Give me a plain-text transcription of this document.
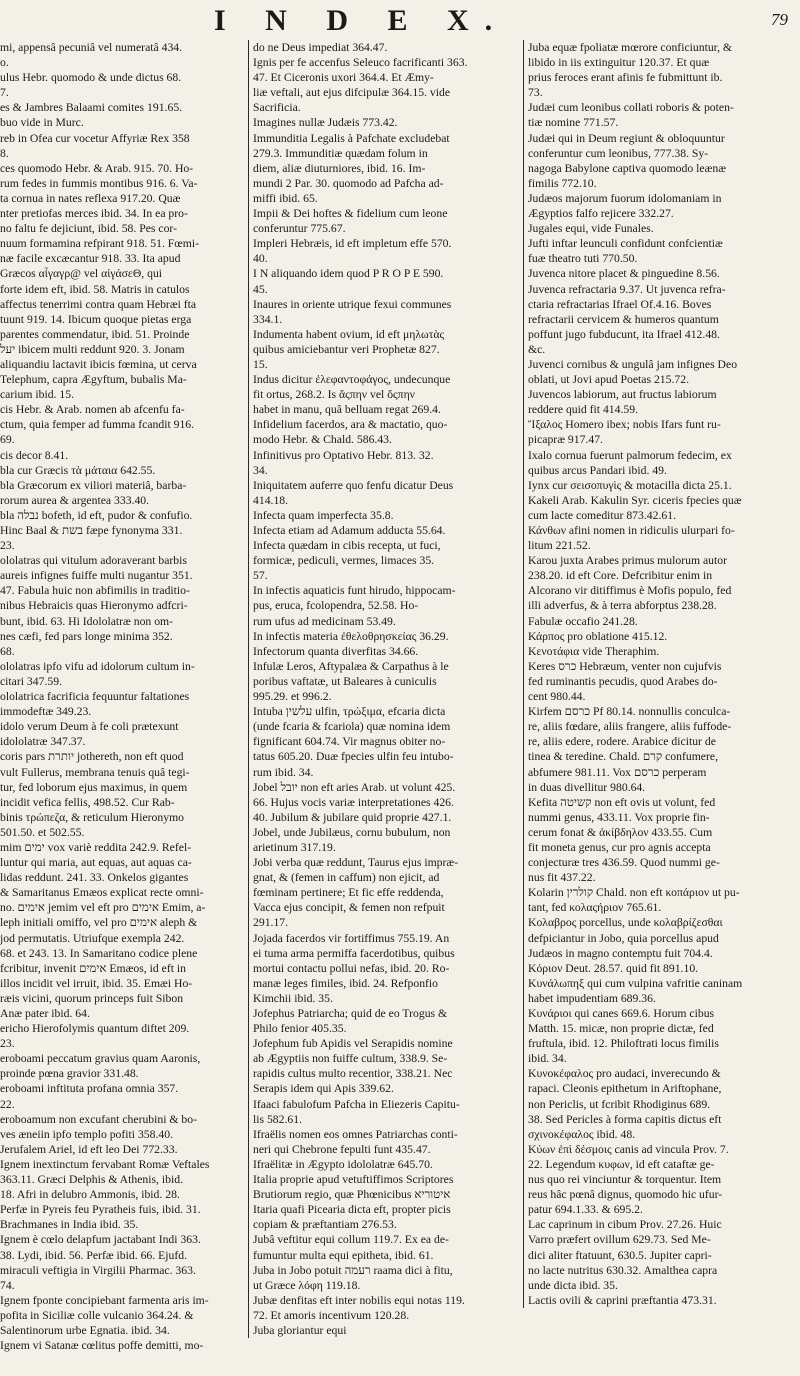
I N D E X.	79
mi, appensâ pecuniâ vel numeratâ 434.
o.
ulus Hebr. quomodo & unde dictus 68.
7.
es & Jambres Balaami comites 191.65.
buo vide in Murc.
reb in Ofea cur vocetur Affyriæ Rex 358
8.
ces quomodo Hebr. & Arab. 915. 70. Ho-
rum fedes in fummis montibus 916. 6. Va-
ta cornua in nates reflexa 917.20. Quæ
nter pretiofas merces ibid. 34. In ea pro-
no faltu fe dejiciunt, ibid. 58. Pes cor-
nuum formamina refpirant 918. 51. Fœmi-
næ facile excæcantur 918. 33. Ita apud
Græcos αἶγαγρ@ vel αἰγάσεΘ, qui
forte idem eft, ibid. 58. Matris in catulos
affectus tenerrimi contra quam Hebræi fta
tuunt 919. 14. Ibicum quoque pietas erga
parentes commendatur, ibid. 51. Proinde
יעל ibicem multi reddunt 920. 3. Jonam
aliquandiu lactavit ibicis fœmina, ut cerva
Telephum, capra Ægyftum, bubalis Ma-
carium ibid. 15.
cis Hebr. & Arab. nomen ab afcenfu fa-
ctum, quia femper ad fumma fcandit 916.
69.
cis decor 8.41.
bla cur Græcis τὰ μάταια 642.55.
bla Græcorum ex viliori materiâ, barba-
rorum aurea & argentea 333.40.
bla נבלה bofeth, id eft, pudor & confufio.
Hinc Baal & בשת fæpe fynonyma 331.
23.
ololatras qui vitulum adoraverant barbis
aureis infignes fuiffe multi nugantur 351.
47. Fabula huic non abfimilis in traditio-
nibus Hebraicis quas Hieronymo adfcri-
bunt, ibid. 63. Hi Idololatræ non om-
nes cæfi, fed pars longe minima 352.
68.
ololatras ipfo vifu ad idolorum cultum in-
citari 347.59.
ololatrica facrificia fequuntur faltationes
immodeftæ 349.23.
idolo verum Deum à fe coli prætexunt
idololatræ 347.37.
coris pars יותרת jothereth, non eft quod
vult Fullerus, membrana tenuis quâ tegi-
tur, fed loborum ejus maximus, in quem
incidit vefica fellis, 498.52. Cur Rab-
binis τρώπεζα, & reticulum Hieronymo
501.50. et 502.55.
mim ימים vox variè reddita 242.9. Refel-
luntur qui maria, aut equas, aut aquas ca-
lidas reddunt. 241. 33. Onkelos gigantes
& Samaritanus Emæos explicat recte omni-
no. אימים jemim vel eft pro אימים Emim, a-
leph initiali omiffo, vel pro אימים aleph &
jod permutatis. Utriufque exempla 242.
68. et 243. 13. In Samaritano codice plene
fcribitur, invenit אימים Emæos, id eft in
illos incidit vel irruit, ibid. 35. Emæi Ho-
ræis vicini, quorum princeps fuit Sibon
Anæ pater ibid. 64.
ericho Hierofolymis quantum diftet 209.
23.
eroboami peccatum gravius quam Aaronis,
proinde pœna gravior 331.48.
eroboami inftituta profana omnia 357.
22.
eroboamum non excufant cherubini & bo-
ves æneiin ipfo templo pofiti 358.40.
Jerufalem Ariel, id eft leo Dei 772.33.
Ignem inextinctum fervabant Romæ Veftales
363.11. Græci Delphis & Athenis, ibid.
18. Afri in delubro Ammonis, ibid. 28.
Perfæ in Pyreis feu Pyratheis fuis, ibid. 31.
Brachmanes in India ibid. 35.
Ignem è cœlo delapfum jactabant Indi 363.
38. Lydi, ibid. 56. Perfæ ibid. 66. Ejufd.
miraculi veftigia in Virgilii Pharmac. 363.
74.
Ignem fponte concipiebant farmenta aris im-
pofita in Siciliæ colle vulcanio 364.24. &
Salentinorum urbe Egnatia. ibid. 34.
Ignem vi Satanæ cœlitus poffe demitti, mo-
do ne Deus impediat 364.47.
Ignis per fe accenfus Seleuco facrificanti 363.
47. Et Ciceronis uxori 364.4. Et Æmy-
liæ veftali, aut ejus difcipulæ 364.15. vide
Sacrificia.
Imagines nullæ Judæis 773.42.
Immunditia Legalis à Pafchate excludebat
279.3. Immunditiæ quædam folum in
diem, aliæ diuturniores, ibid. 16. Im-
mundi 2 Par. 30. quomodo ad Pafcha ad-
miffi ibid. 65.
Impii & Dei hoftes & fidelium cum leone
conferuntur 775.67.
Impleri Hebræis, id eft impletum effe 570.
40.
I N aliquando idem quod P R O P E 590.
45.
Inaures in oriente utrique fexui communes
334.1.
Indumenta habent ovium, id eft μηλωτὰς
quibus amiciebantur veri Prophetæ 827.
15.
Indus dicitur ἐλεφαντοφάγος, undecunque
fit ortus, 268.2. Is ἄςπην vel ὄςπην
habet in manu, quâ belluam regat 269.4.
Infidelium facerdos, ara & mactatio, quo-
modo Hebr. & Chald. 586.43.
Infinitivus pro Optativo Hebr. 813. 32.
34.
Iniquitatem auferre quo fenfu dicatur Deus
414.18.
Infecta quam imperfecta 35.8.
Infecta etiam ad Adamum adducta 55.64.
Infecta quædam in cibis recepta, ut fuci,
formicæ, pediculi, vermes, limaces 35.
57.
In infectis aquaticis funt hirudo, hippocam-
pus, eruca, fcolopendra, 52.58. Ho-
rum ufus ad medicinam 53.49.
In infectis materia ἐθελοθρησκείας 36.29.
Infectorum quanta diverfitas 34.66.
Infulæ Leros, Aftypalæa & Carpathus à le
poribus vaftatæ, ut Baleares à cuniculis
995.29. et 996.2.
Intuba עלשין ulfin, τρώξιμα, efcaria dicta
(unde fcaria & fcariola) quæ nomina idem
fignificant 604.74. Vir magnus obiter no-
tatus 605.20. Duæ fpecies ulfin feu intubo-
rum ibid. 34.
Jobel יובל non eft aries Arab. ut volunt 425.
66. Hujus vocis variæ interpretationes 426.
40. Jubilum & jubilare quid proprie 427.1.
Jobel, unde Jubilæus, cornu bubulum, non
arietinum 317.19.
Jobi verba quæ reddunt, Taurus ejus impræ-
gnat, & (femen in caffum) non ejicit, ad
fœminam pertinere; Et fic effe reddenda,
Vacca ejus concipit, & femen non refpuit
291.17.
Jojada facerdos vir fortiffimus 755.19. An
ei tuma arma permiffa facerdotibus, quibus
mortui contactu pollui nefas, ibid. 20. Ro-
manæ leges fimiles, ibid. 24. Refponfio
Kimchii ibid. 35.
Jofephus Patriarcha; quid de eo Trogus &
Philo fenior 405.35.
Jofephum fub Apidis vel Serapidis nomine
ab Ægyptiis non fuiffe cultum, 338.9. Se-
rapidis cultus multo recentior, 338.21. Nec
Serapis idem qui Apis 339.62.
Ifaaci fabulofum Pafcha in Eliezeris Capitu-
lis 582.61.
Ifraëlis nomen eos omnes Patriarchas conti-
neri qui Chebrone fepulti funt 435.47.
Ifraëlitæ in Ægypto idololatræ 645.70.
Italia proprie apud vetuftiffimos Scriptores
Brutiorum regio, quæ Phœnicibus איטוריא
Itaria quafi Picearia dicta eft, propter picis
copiam & præftantiam 276.53.
Jubâ veftitur equi collum 119.7. Ex ea de-
fumuntur multa equi epitheta, ibid. 61.
Juba in Jobo potuit רעמה raama dici à fitu,
ut Græce λόφη 119.18.
Jubæ denfitas eft inter nobilis equi notas 119.
72. Et amoris incentivum 120.28.
Juba gloriantur equi
Juba equæ fpoliatæ mœrore conficiuntur, &
libido in iis extinguitur 120.37. Et quæ
prius feroces erant afinis fe fubmittunt ib.
73.
Judæi cum leonibus collati roboris & poten-
tiæ nomine 771.57.
Judæi qui in Deum regiunt & obloquuntur
conferuntur cum leonibus, 777.38. Sy-
nagoga Babylone captiva quomodo leænæ
fimilis 772.10.
Judæos majorum fuorum idolomaniam in
Ægyptios falfo rejicere 332.27.
Jugales equi, vide Funales.
Jufti inftar leunculi confidunt confcientiæ
fuæ theatro tuti 770.50.
Juvenca nitore placet & pinguedine 8.56.
Juvenca refractaria 9.37. Ut juvenca refra-
ctaria refractarias Ifrael Of.4.16. Boves
refractarii cervicem & humeros quantum
poffunt jugo fubducunt, ita Ifrael 412.48.
&c.
Juvenci cornibus & ungulâ jam infignes Deo
oblati, ut Jovi apud Poetas 215.72.
Juvencos labiorum, aut fructus labiorum
reddere quid fit 414.59.
Ἴξαλος Homero ibex; nobis Ifars funt ru-
picapræ 917.47.
Ixalo cornua fuerunt palmorum fedecim, ex
quibus arcus Pandari ibid. 49.
Iynx cur σεισοπυγὶς & motacilla dicta 25.1.
Kakeli Arab. Kakulin Syr. ciceris fpecies quæ
cum lacte comeditur 873.42.61.
Κάνθων afini nomen in ridiculis ulurpari fo-
litum 221.52.
Karou juxta Arabes primus mulorum autor
238.20. id eft Core. Defcribitur enim in
Alcorano vir ditiffimus è Mofis populo, fed
illi adverfus, & à terra abforptus 238.28.
Fabulæ occafio 241.28.
Κάρπος pro oblatione 415.12.
Κενοτάφια vide Theraphim.
Keres כרס Hebræum, venter non cujufvis
fed ruminantis pecudis, quod Arabes do-
cent 980.44.
Kirfem כרסם Pf 80.14. nonnullis conculca-
re, aliis fœdare, aliis frangere, aliis fuffode-
re, aliis edere, rodere. Arabice dicitur de
tinea & teredine. Chald. קרם confumere,
abfumere 981.11. Vox כרסם perperam
in duas divellitur 980.64.
Kefita קשיטה non eft ovis ut volunt, fed
nummi genus, 433.11. Vox proprie fin-
cerum fonat & ἀκίβδηλον 433.55. Cum
fit moneta genus, cur pro agnis accepta
conjecturæ tres 436.59. Quod nummi ge-
nus fit 437.22.
Kolarin קולרין Chald. non eft κοπάριον ut pu-
tant, fed κολαςήριον 765.61.
Κολαβρος porcellus, unde κολαβρίζεσθαι
defpiciantur in Jobo, quia porcellus apud
Judæos in magno contemptu fuit 704.4.
Κόριον Deut. 28.57. quid fit 891.10.
Κυνάλωπηξ qui cum vulpina vafritie caninam
habet impudentiam 689.36.
Κυνάριοι qui canes 669.6. Horum cibus
Matth. 15. micæ, non proprie dictæ, fed
fruftula, ibid. 12. Philoftrati locus fimilis
ibid. 34.
Κυνοκέφαλος pro audaci, inverecundo &
rapaci. Cleonis epithetum in Ariftophane,
non Periclis, ut fcribit Rhodiginus 689.
38. Sed Pericles à forma capitis dictus eft
σχινοκέφαλος ibid. 48.
Κύων ἐπὶ δέσμοις canis ad vincula Prov. 7.
22. Legendum κυφων, id eft cataftæ ge-
nus quo rei vinciuntur & torquentur. Item
reus hâc pœnâ dignus, quomodo hic ufur-
patur 694.1.33. & 695.2.
Lac caprinum in cibum Prov. 27.26. Huic
Varro præfert ovillum 629.73. Sed Me-
dici aliter ftatuunt, 630.5. Jupiter capri-
no lacte nutritus 630.32. Amalthea capra
unde dicta ibid. 35.
Lactis ovili & caprini præftantia 473.31.
